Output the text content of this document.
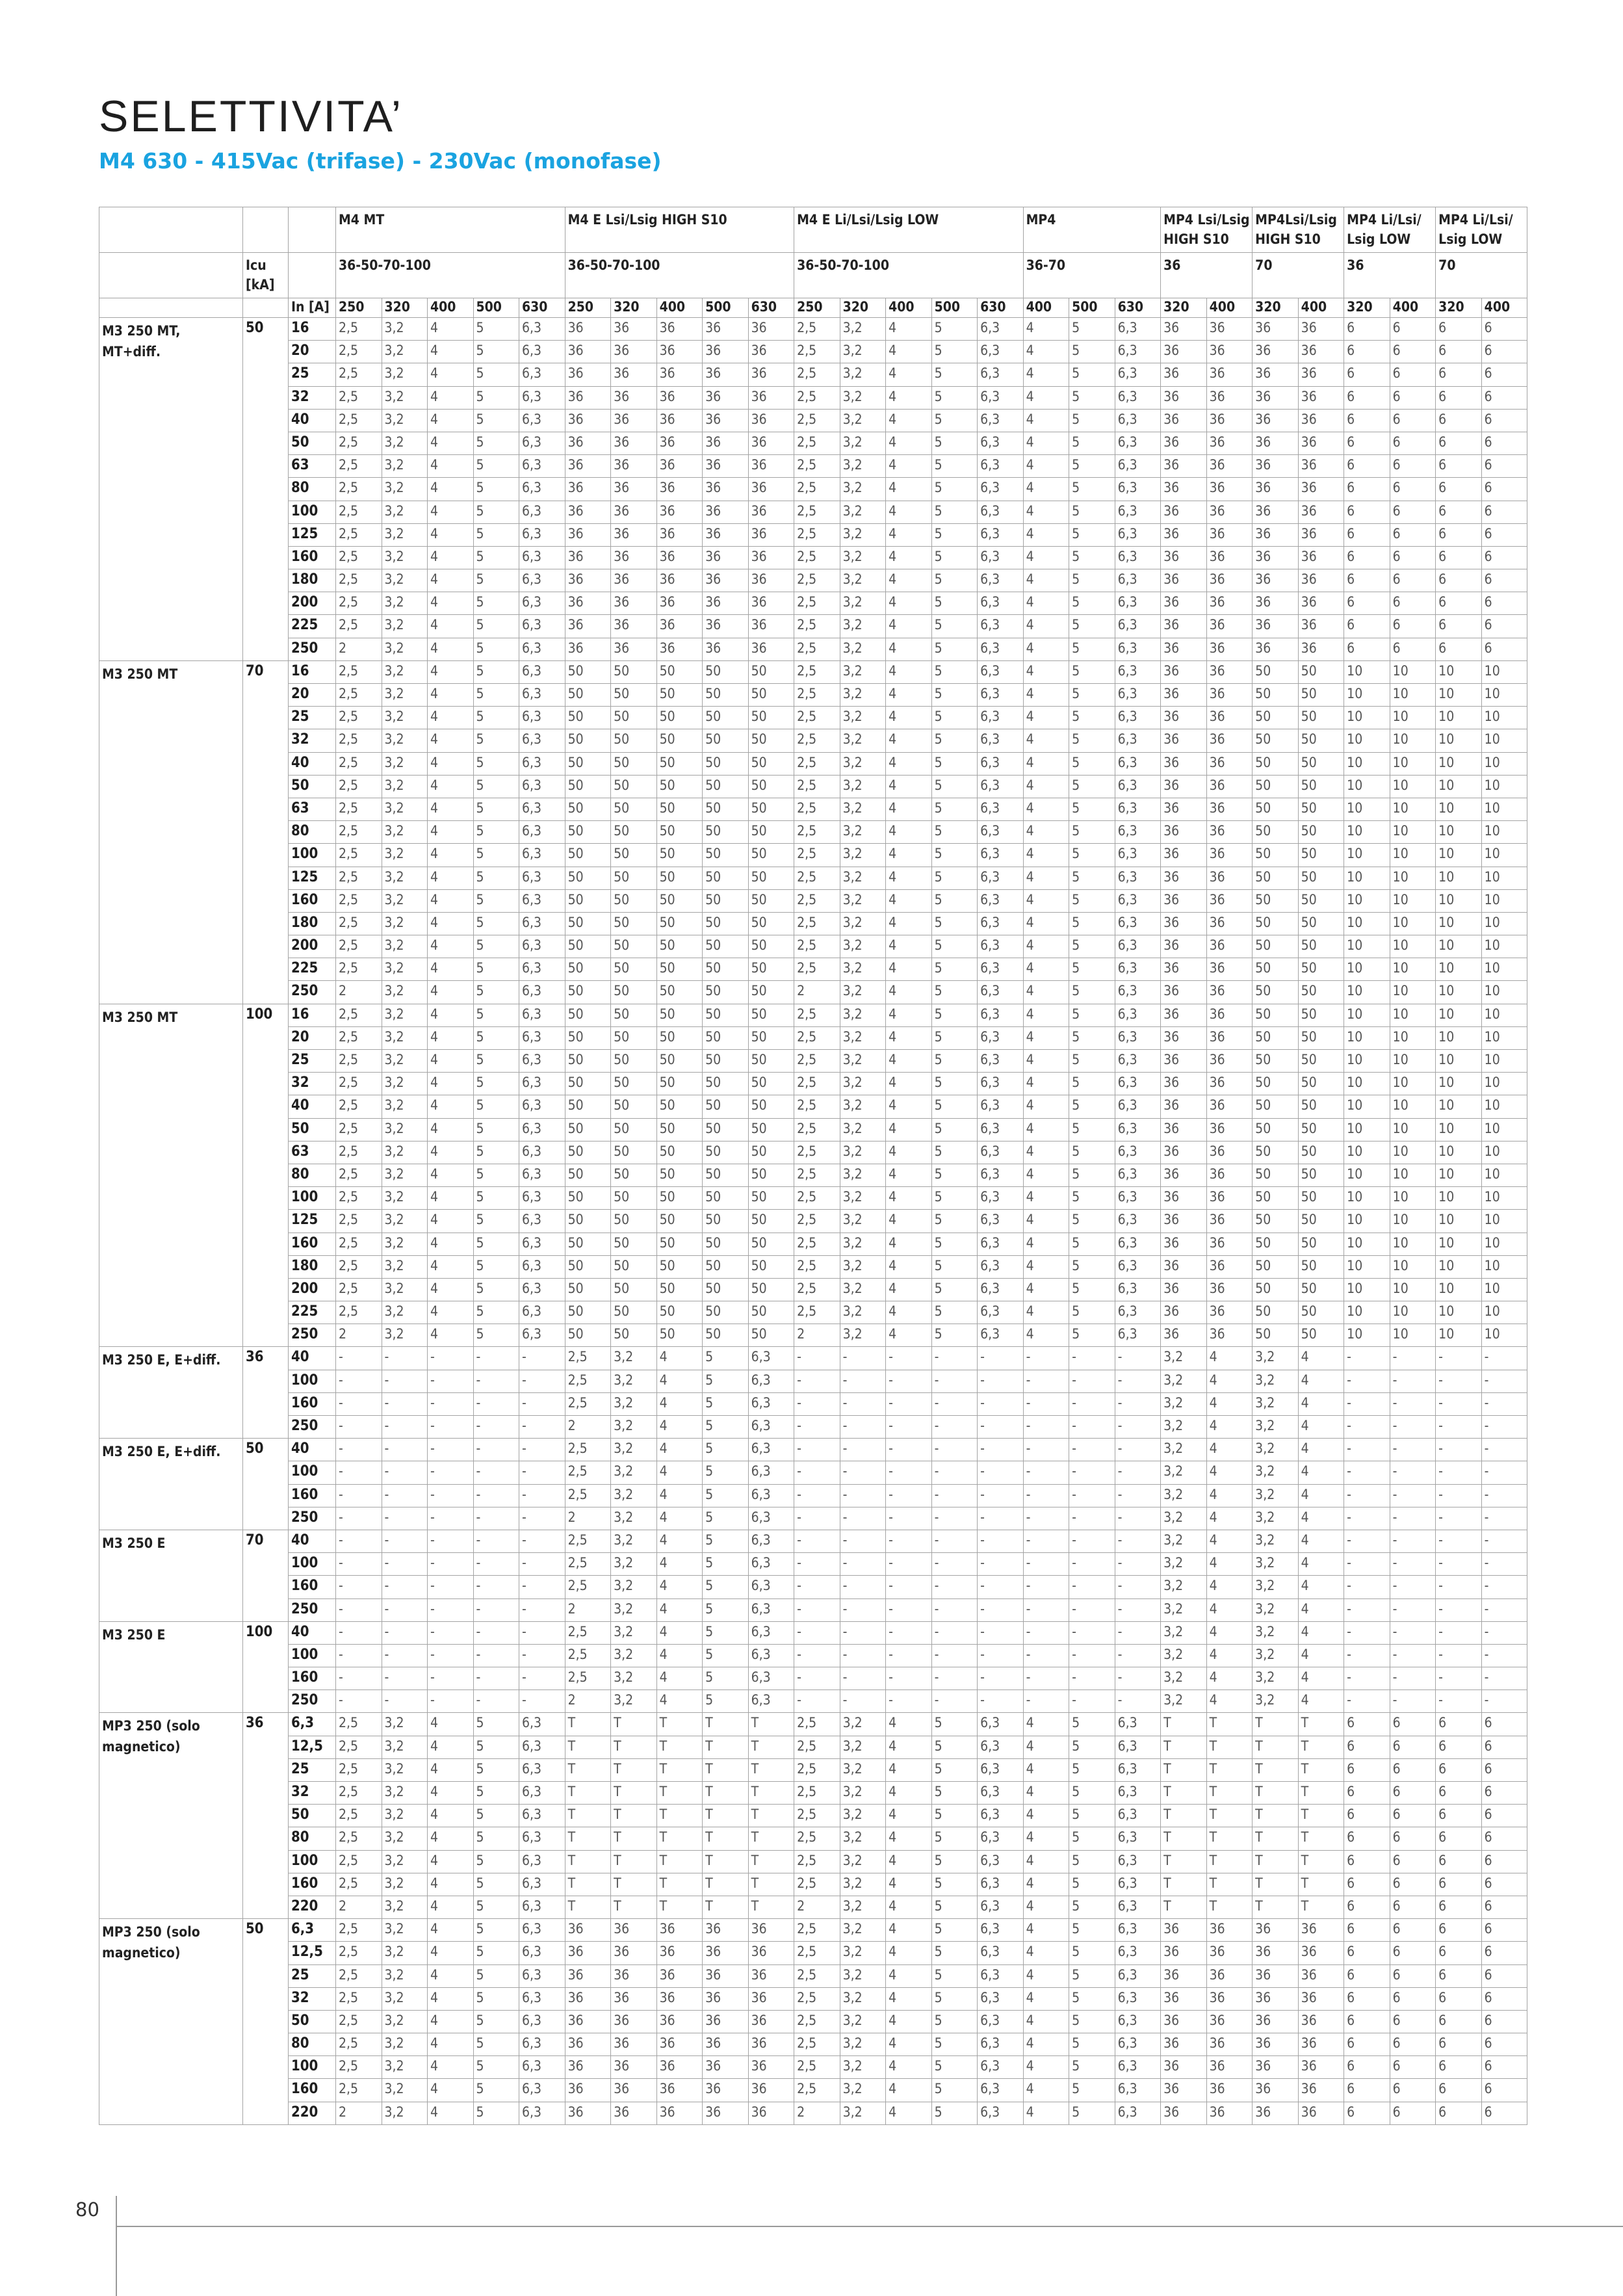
SELETTIVITA’
M4 630 - 415Vac (trifase) - 230Vac (monofase)
			M4 MT					M4 E Lsi/Lsig HIGH S10					M4 E Li/Lsi/Lsig LOW					MP4			MP4 Lsi/Lsig HIGH S10		MP4Lsi/Lsig HIGH S10		MP4 Li/Lsi/ Lsig LOW		MP4 Li/Lsi/ Lsig LOW	
	Icu [kA]		36-50-70-100					36-50-70-100					36-50-70-100					36-70			36		70		36		70	
		In [A]	250	320	400	500	630	250	320	400	500	630	250	320	400	500	630	400	500	630	320	400	320	400	320	400	320	400
M3 250 MT, MT+diff.	50	16	2,5	3,2	4	5	6,3	36	36	36	36	36	2,5	3,2	4	5	6,3	4	5	6,3	36	36	36	36	6	6	6	6
		20	2,5	3,2	4	5	6,3	36	36	36	36	36	2,5	3,2	4	5	6,3	4	5	6,3	36	36	36	36	6	6	6	6
		25	2,5	3,2	4	5	6,3	36	36	36	36	36	2,5	3,2	4	5	6,3	4	5	6,3	36	36	36	36	6	6	6	6
		32	2,5	3,2	4	5	6,3	36	36	36	36	36	2,5	3,2	4	5	6,3	4	5	6,3	36	36	36	36	6	6	6	6
		40	2,5	3,2	4	5	6,3	36	36	36	36	36	2,5	3,2	4	5	6,3	4	5	6,3	36	36	36	36	6	6	6	6
		50	2,5	3,2	4	5	6,3	36	36	36	36	36	2,5	3,2	4	5	6,3	4	5	6,3	36	36	36	36	6	6	6	6
		63	2,5	3,2	4	5	6,3	36	36	36	36	36	2,5	3,2	4	5	6,3	4	5	6,3	36	36	36	36	6	6	6	6
		80	2,5	3,2	4	5	6,3	36	36	36	36	36	2,5	3,2	4	5	6,3	4	5	6,3	36	36	36	36	6	6	6	6
		100	2,5	3,2	4	5	6,3	36	36	36	36	36	2,5	3,2	4	5	6,3	4	5	6,3	36	36	36	36	6	6	6	6
		125	2,5	3,2	4	5	6,3	36	36	36	36	36	2,5	3,2	4	5	6,3	4	5	6,3	36	36	36	36	6	6	6	6
		160	2,5	3,2	4	5	6,3	36	36	36	36	36	2,5	3,2	4	5	6,3	4	5	6,3	36	36	36	36	6	6	6	6
		180	2,5	3,2	4	5	6,3	36	36	36	36	36	2,5	3,2	4	5	6,3	4	5	6,3	36	36	36	36	6	6	6	6
		200	2,5	3,2	4	5	6,3	36	36	36	36	36	2,5	3,2	4	5	6,3	4	5	6,3	36	36	36	36	6	6	6	6
		225	2,5	3,2	4	5	6,3	36	36	36	36	36	2,5	3,2	4	5	6,3	4	5	6,3	36	36	36	36	6	6	6	6
		250	2	3,2	4	5	6,3	36	36	36	36	36	2,5	3,2	4	5	6,3	4	5	6,3	36	36	36	36	6	6	6	6
M3 250 MT	70	16	2,5	3,2	4	5	6,3	50	50	50	50	50	2,5	3,2	4	5	6,3	4	5	6,3	36	36	50	50	10	10	10	10
		20	2,5	3,2	4	5	6,3	50	50	50	50	50	2,5	3,2	4	5	6,3	4	5	6,3	36	36	50	50	10	10	10	10
		25	2,5	3,2	4	5	6,3	50	50	50	50	50	2,5	3,2	4	5	6,3	4	5	6,3	36	36	50	50	10	10	10	10
		32	2,5	3,2	4	5	6,3	50	50	50	50	50	2,5	3,2	4	5	6,3	4	5	6,3	36	36	50	50	10	10	10	10
		40	2,5	3,2	4	5	6,3	50	50	50	50	50	2,5	3,2	4	5	6,3	4	5	6,3	36	36	50	50	10	10	10	10
		50	2,5	3,2	4	5	6,3	50	50	50	50	50	2,5	3,2	4	5	6,3	4	5	6,3	36	36	50	50	10	10	10	10
		63	2,5	3,2	4	5	6,3	50	50	50	50	50	2,5	3,2	4	5	6,3	4	5	6,3	36	36	50	50	10	10	10	10
		80	2,5	3,2	4	5	6,3	50	50	50	50	50	2,5	3,2	4	5	6,3	4	5	6,3	36	36	50	50	10	10	10	10
		100	2,5	3,2	4	5	6,3	50	50	50	50	50	2,5	3,2	4	5	6,3	4	5	6,3	36	36	50	50	10	10	10	10
		125	2,5	3,2	4	5	6,3	50	50	50	50	50	2,5	3,2	4	5	6,3	4	5	6,3	36	36	50	50	10	10	10	10
		160	2,5	3,2	4	5	6,3	50	50	50	50	50	2,5	3,2	4	5	6,3	4	5	6,3	36	36	50	50	10	10	10	10
		180	2,5	3,2	4	5	6,3	50	50	50	50	50	2,5	3,2	4	5	6,3	4	5	6,3	36	36	50	50	10	10	10	10
		200	2,5	3,2	4	5	6,3	50	50	50	50	50	2,5	3,2	4	5	6,3	4	5	6,3	36	36	50	50	10	10	10	10
		225	2,5	3,2	4	5	6,3	50	50	50	50	50	2,5	3,2	4	5	6,3	4	5	6,3	36	36	50	50	10	10	10	10
		250	2	3,2	4	5	6,3	50	50	50	50	50	2	3,2	4	5	6,3	4	5	6,3	36	36	50	50	10	10	10	10
M3 250 MT	100	16	2,5	3,2	4	5	6,3	50	50	50	50	50	2,5	3,2	4	5	6,3	4	5	6,3	36	36	50	50	10	10	10	10
		20	2,5	3,2	4	5	6,3	50	50	50	50	50	2,5	3,2	4	5	6,3	4	5	6,3	36	36	50	50	10	10	10	10
		25	2,5	3,2	4	5	6,3	50	50	50	50	50	2,5	3,2	4	5	6,3	4	5	6,3	36	36	50	50	10	10	10	10
		32	2,5	3,2	4	5	6,3	50	50	50	50	50	2,5	3,2	4	5	6,3	4	5	6,3	36	36	50	50	10	10	10	10
		40	2,5	3,2	4	5	6,3	50	50	50	50	50	2,5	3,2	4	5	6,3	4	5	6,3	36	36	50	50	10	10	10	10
		50	2,5	3,2	4	5	6,3	50	50	50	50	50	2,5	3,2	4	5	6,3	4	5	6,3	36	36	50	50	10	10	10	10
		63	2,5	3,2	4	5	6,3	50	50	50	50	50	2,5	3,2	4	5	6,3	4	5	6,3	36	36	50	50	10	10	10	10
		80	2,5	3,2	4	5	6,3	50	50	50	50	50	2,5	3,2	4	5	6,3	4	5	6,3	36	36	50	50	10	10	10	10
		100	2,5	3,2	4	5	6,3	50	50	50	50	50	2,5	3,2	4	5	6,3	4	5	6,3	36	36	50	50	10	10	10	10
		125	2,5	3,2	4	5	6,3	50	50	50	50	50	2,5	3,2	4	5	6,3	4	5	6,3	36	36	50	50	10	10	10	10
		160	2,5	3,2	4	5	6,3	50	50	50	50	50	2,5	3,2	4	5	6,3	4	5	6,3	36	36	50	50	10	10	10	10
		180	2,5	3,2	4	5	6,3	50	50	50	50	50	2,5	3,2	4	5	6,3	4	5	6,3	36	36	50	50	10	10	10	10
		200	2,5	3,2	4	5	6,3	50	50	50	50	50	2,5	3,2	4	5	6,3	4	5	6,3	36	36	50	50	10	10	10	10
		225	2,5	3,2	4	5	6,3	50	50	50	50	50	2,5	3,2	4	5	6,3	4	5	6,3	36	36	50	50	10	10	10	10
		250	2	3,2	4	5	6,3	50	50	50	50	50	2	3,2	4	5	6,3	4	5	6,3	36	36	50	50	10	10	10	10
M3 250 E, E+diff.	36	40	-	-	-	-	-	2,5	3,2	4	5	6,3	-	-	-	-	-	-	-	-	3,2	4	3,2	4	-	-	-	-
		100	-	-	-	-	-	2,5	3,2	4	5	6,3	-	-	-	-	-	-	-	-	3,2	4	3,2	4	-	-	-	-
		160	-	-	-	-	-	2,5	3,2	4	5	6,3	-	-	-	-	-	-	-	-	3,2	4	3,2	4	-	-	-	-
		250	-	-	-	-	-	2	3,2	4	5	6,3	-	-	-	-	-	-	-	-	3,2	4	3,2	4	-	-	-	-
M3 250 E, E+diff.	50	40	-	-	-	-	-	2,5	3,2	4	5	6,3	-	-	-	-	-	-	-	-	3,2	4	3,2	4	-	-	-	-
		100	-	-	-	-	-	2,5	3,2	4	5	6,3	-	-	-	-	-	-	-	-	3,2	4	3,2	4	-	-	-	-
		160	-	-	-	-	-	2,5	3,2	4	5	6,3	-	-	-	-	-	-	-	-	3,2	4	3,2	4	-	-	-	-
		250	-	-	-	-	-	2	3,2	4	5	6,3	-	-	-	-	-	-	-	-	3,2	4	3,2	4	-	-	-	-
M3 250 E	70	40	-	-	-	-	-	2,5	3,2	4	5	6,3	-	-	-	-	-	-	-	-	3,2	4	3,2	4	-	-	-	-
		100	-	-	-	-	-	2,5	3,2	4	5	6,3	-	-	-	-	-	-	-	-	3,2	4	3,2	4	-	-	-	-
		160	-	-	-	-	-	2,5	3,2	4	5	6,3	-	-	-	-	-	-	-	-	3,2	4	3,2	4	-	-	-	-
		250	-	-	-	-	-	2	3,2	4	5	6,3	-	-	-	-	-	-	-	-	3,2	4	3,2	4	-	-	-	-
M3 250 E	100	40	-	-	-	-	-	2,5	3,2	4	5	6,3	-	-	-	-	-	-	-	-	3,2	4	3,2	4	-	-	-	-
		100	-	-	-	-	-	2,5	3,2	4	5	6,3	-	-	-	-	-	-	-	-	3,2	4	3,2	4	-	-	-	-
		160	-	-	-	-	-	2,5	3,2	4	5	6,3	-	-	-	-	-	-	-	-	3,2	4	3,2	4	-	-	-	-
		250	-	-	-	-	-	2	3,2	4	5	6,3	-	-	-	-	-	-	-	-	3,2	4	3,2	4	-	-	-	-
MP3 250 (solo magnetico)	36	6,3	2,5	3,2	4	5	6,3	T	T	T	T	T	2,5	3,2	4	5	6,3	4	5	6,3	T	T	T	T	6	6	6	6
		12,5	2,5	3,2	4	5	6,3	T	T	T	T	T	2,5	3,2	4	5	6,3	4	5	6,3	T	T	T	T	6	6	6	6
		25	2,5	3,2	4	5	6,3	T	T	T	T	T	2,5	3,2	4	5	6,3	4	5	6,3	T	T	T	T	6	6	6	6
		32	2,5	3,2	4	5	6,3	T	T	T	T	T	2,5	3,2	4	5	6,3	4	5	6,3	T	T	T	T	6	6	6	6
		50	2,5	3,2	4	5	6,3	T	T	T	T	T	2,5	3,2	4	5	6,3	4	5	6,3	T	T	T	T	6	6	6	6
		80	2,5	3,2	4	5	6,3	T	T	T	T	T	2,5	3,2	4	5	6,3	4	5	6,3	T	T	T	T	6	6	6	6
		100	2,5	3,2	4	5	6,3	T	T	T	T	T	2,5	3,2	4	5	6,3	4	5	6,3	T	T	T	T	6	6	6	6
		160	2,5	3,2	4	5	6,3	T	T	T	T	T	2,5	3,2	4	5	6,3	4	5	6,3	T	T	T	T	6	6	6	6
		220	2	3,2	4	5	6,3	T	T	T	T	T	2	3,2	4	5	6,3	4	5	6,3	T	T	T	T	6	6	6	6
MP3 250 (solo magnetico)	50	6,3	2,5	3,2	4	5	6,3	36	36	36	36	36	2,5	3,2	4	5	6,3	4	5	6,3	36	36	36	36	6	6	6	6
		12,5	2,5	3,2	4	5	6,3	36	36	36	36	36	2,5	3,2	4	5	6,3	4	5	6,3	36	36	36	36	6	6	6	6
		25	2,5	3,2	4	5	6,3	36	36	36	36	36	2,5	3,2	4	5	6,3	4	5	6,3	36	36	36	36	6	6	6	6
		32	2,5	3,2	4	5	6,3	36	36	36	36	36	2,5	3,2	4	5	6,3	4	5	6,3	36	36	36	36	6	6	6	6
		50	2,5	3,2	4	5	6,3	36	36	36	36	36	2,5	3,2	4	5	6,3	4	5	6,3	36	36	36	36	6	6	6	6
		80	2,5	3,2	4	5	6,3	36	36	36	36	36	2,5	3,2	4	5	6,3	4	5	6,3	36	36	36	36	6	6	6	6
		100	2,5	3,2	4	5	6,3	36	36	36	36	36	2,5	3,2	4	5	6,3	4	5	6,3	36	36	36	36	6	6	6	6
		160	2,5	3,2	4	5	6,3	36	36	36	36	36	2,5	3,2	4	5	6,3	4	5	6,3	36	36	36	36	6	6	6	6
		220	2	3,2	4	5	6,3	36	36	36	36	36	2	3,2	4	5	6,3	4	5	6,3	36	36	36	36	6	6	6	6
80
